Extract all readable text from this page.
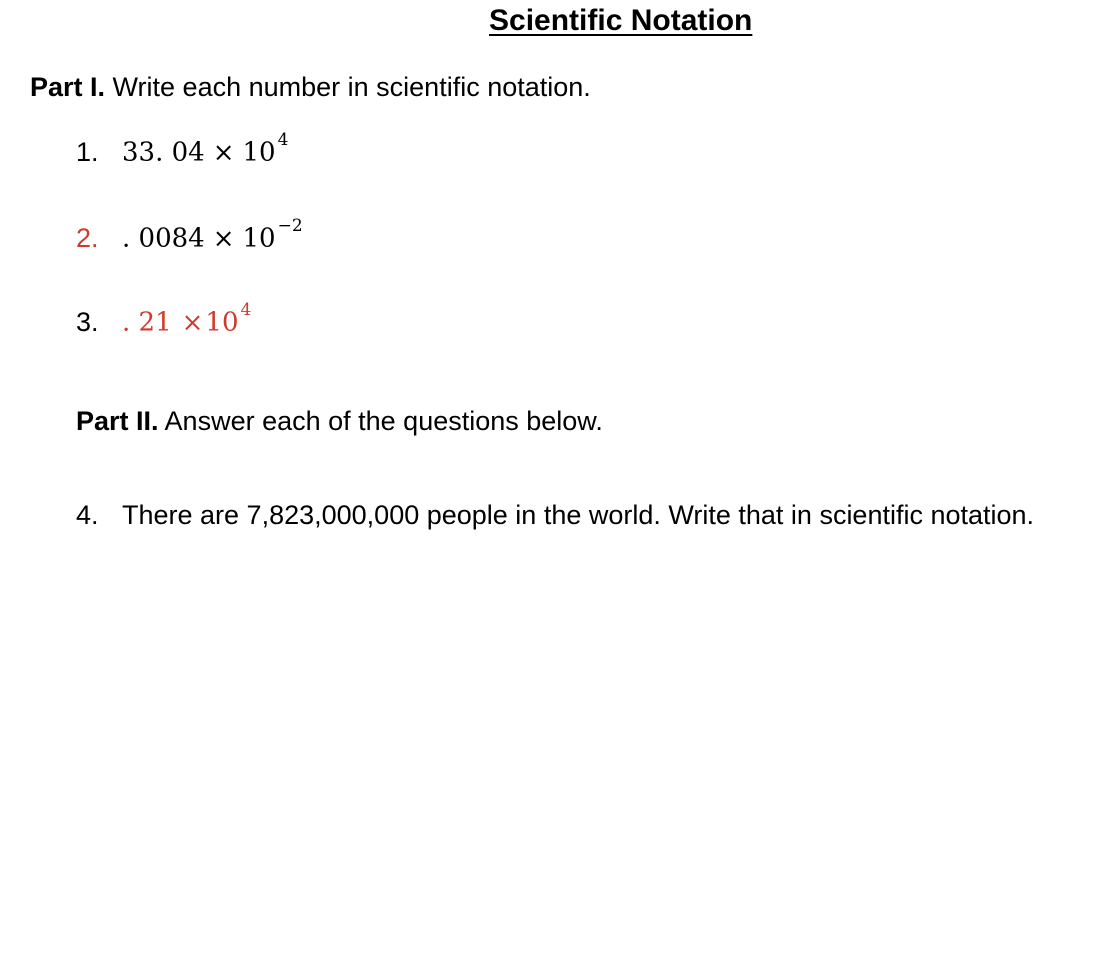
Scientific Notation
Part I. Write each number in scientific notation.
1. 33. 04 × 10 $^4$
2. . 0084 × 10 $^{-2}$
3. . 21 ×10 $^4$
Part II. Answer each of the questions below.
4. There are 7,823,000,000 people in the world. Write that in scientific notation.
